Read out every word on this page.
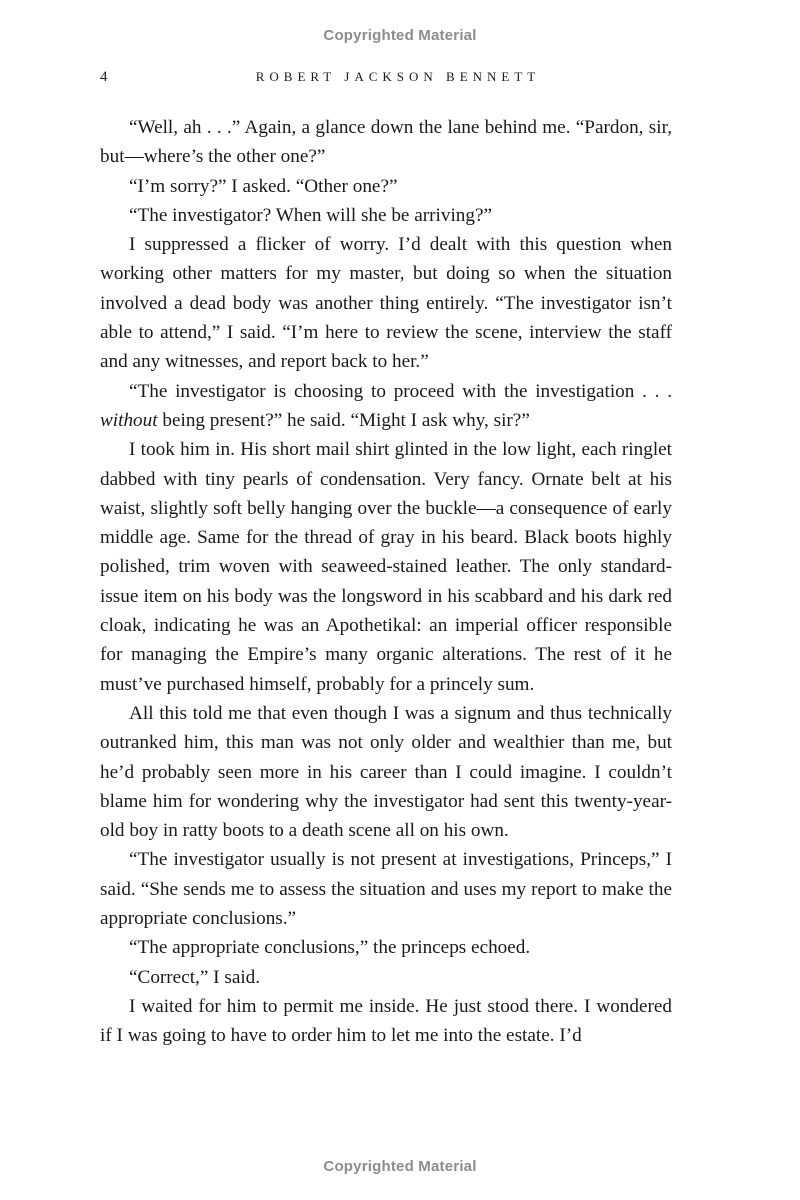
Copyrighted Material
4	ROBERT JACKSON BENNETT

“Well, ah . . .” Again, a glance down the lane behind me. “Pardon, sir, but—where’s the other one?”

“I’m sorry?” I asked. “Other one?”

“The investigator? When will she be arriving?”

I suppressed a flicker of worry. I’d dealt with this question when working other matters for my master, but doing so when the situation involved a dead body was another thing entirely. “The investigator isn’t able to attend,” I said. “I’m here to review the scene, interview the staff and any witnesses, and report back to her.”

“The investigator is choosing to proceed with the investigation . . . without being present?” he said. “Might I ask why, sir?”

I took him in. His short mail shirt glinted in the low light, each ringlet dabbed with tiny pearls of condensation. Very fancy. Ornate belt at his waist, slightly soft belly hanging over the buckle—a consequence of early middle age. Same for the thread of gray in his beard. Black boots highly polished, trim woven with seaweed-stained leather. The only standard-issue item on his body was the longsword in his scabbard and his dark red cloak, indicating he was an Apothetikal: an imperial officer responsible for managing the Empire’s many organic alterations. The rest of it he must’ve purchased himself, probably for a princely sum.

All this told me that even though I was a signum and thus technically outranked him, this man was not only older and wealthier than me, but he’d probably seen more in his career than I could imagine. I couldn’t blame him for wondering why the investigator had sent this twenty-year-old boy in ratty boots to a death scene all on his own.

“The investigator usually is not present at investigations, Princeps,” I said. “She sends me to assess the situation and uses my report to make the appropriate conclusions.”

“The appropriate conclusions,” the princeps echoed.

“Correct,” I said.

I waited for him to permit me inside. He just stood there. I wondered if I was going to have to order him to let me into the estate. I’d

Copyrighted Material
